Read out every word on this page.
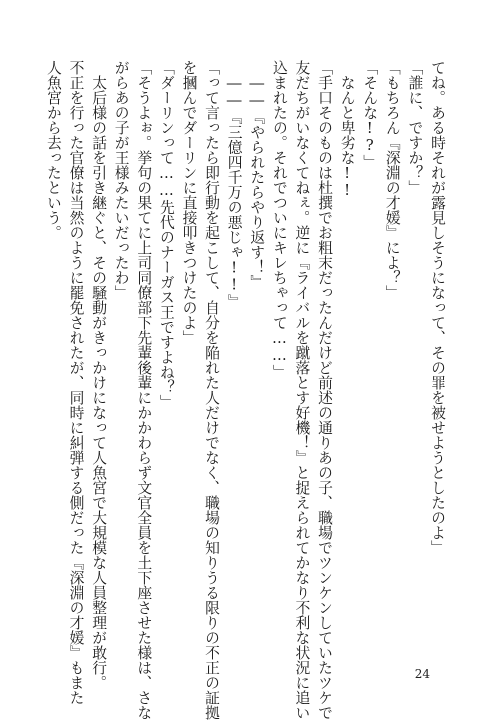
てね。ある時それが露見しそうになって、その罪を被せようとしたのよ」
「誰に、ですか？」
「もちろん『深淵の才媛』によ？」
「そんな!?」
なんと卑劣な!!
「手口そのものは杜撰でお粗末だったんだけど前述の通りあの子、職場でツンケンしていたツケで
友だちがいなくてねぇ。逆に『ライバルを蹴落とす好機！』と捉えられてかなり不利な状況に追い
込まれたの。それでついにキレちゃって……」
――『やられたらやり返す！』
――『三億四千万の悪じゃ!!』
「って言ったら即行動を起こして、自分を陥れた人だけでなく、職場の知りうる限りの不正の証拠
を摑んでダーリンに直接叩きつけたのよ」
「ダーリンって……先代のナーガス王ですよね？」
「そうよぉ。挙句の果てに上司同僚部下先輩後輩にかかわらず文官全員を土下座させた様は、さな
がらあの子が王様みたいだったわ」
太后様の話を引き継ぐと、その騒動がきっかけになって人魚宮で大規模な人員整理が敢行。
不正を行った官僚は当然のように罷免されたが、同時に糾弾する側だった『深淵の才媛』もまた
人魚宮から去ったという。
24
